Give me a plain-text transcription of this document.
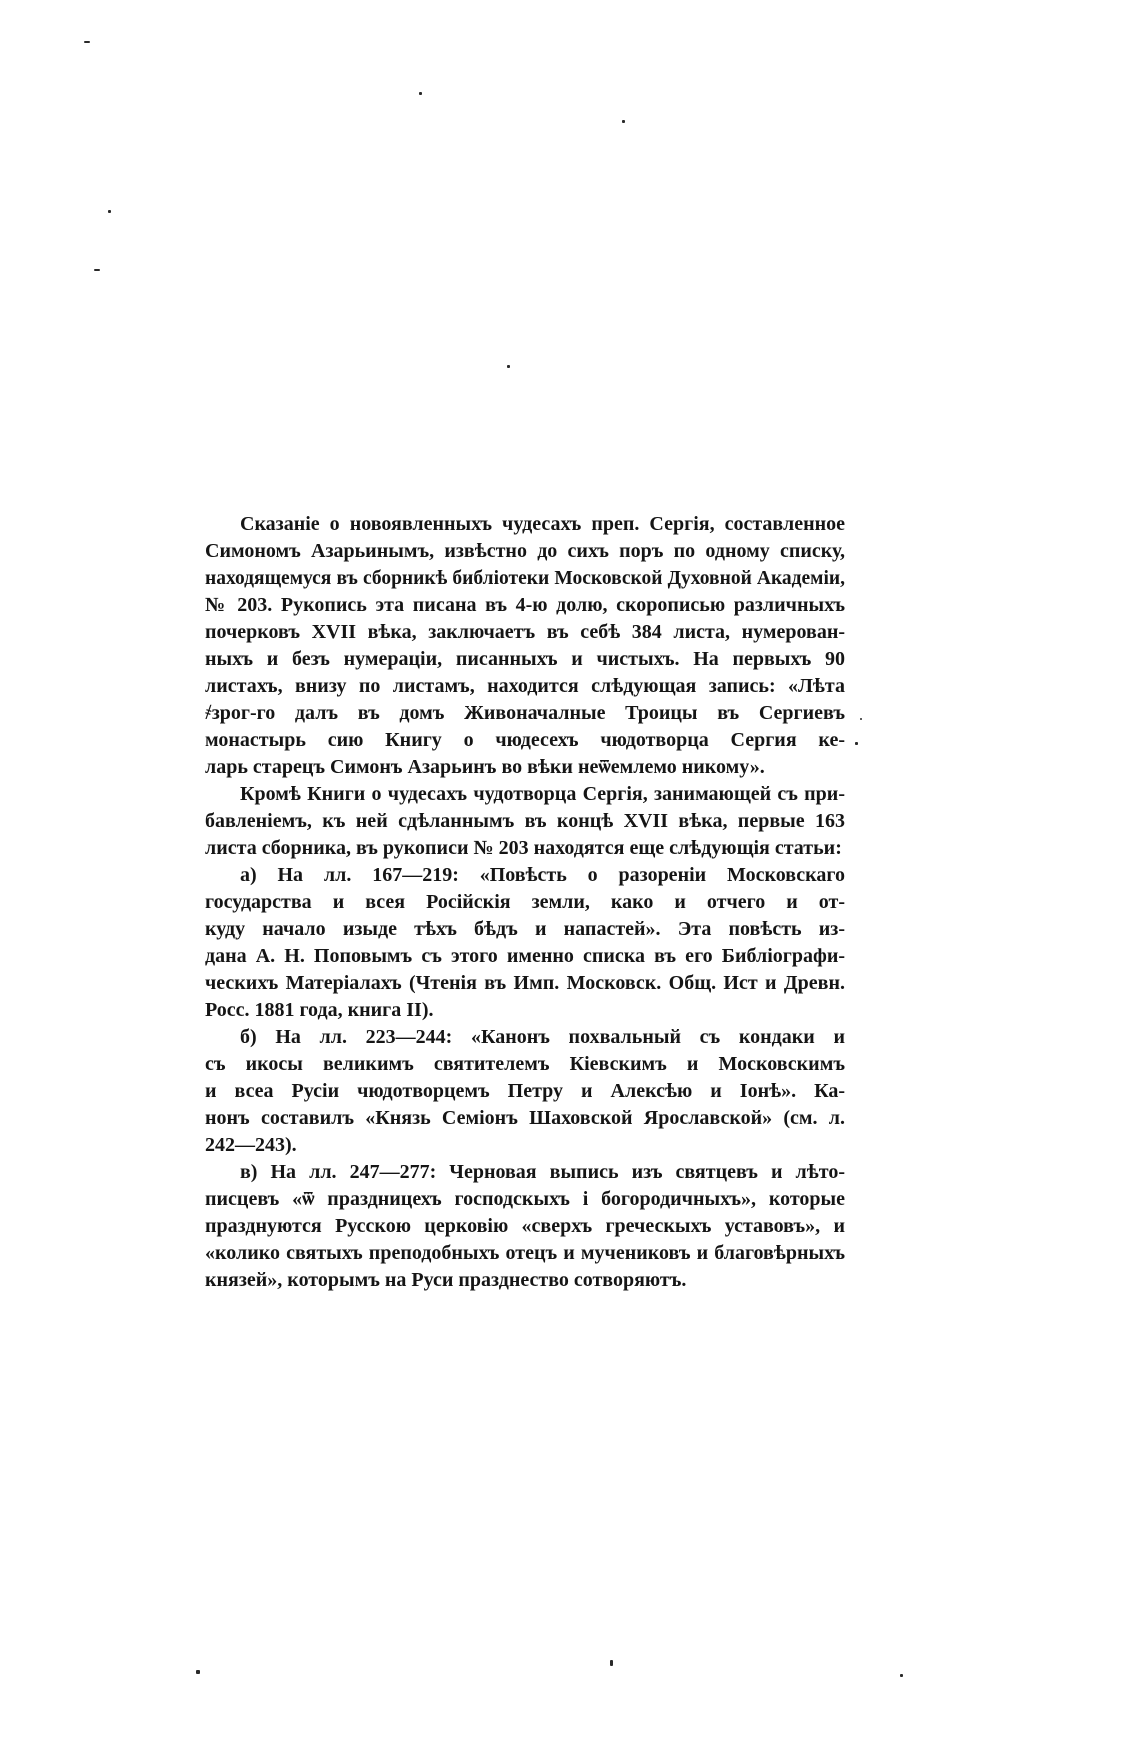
Сказаніе о новоявленныхъ чудесахъ преп. Сергія, составленное
Симономъ Азарьинымъ, извѣстно до сихъ поръ по одному списку,
находящемуся въ сборникѣ библіотеки Московской Духовной Академіи,
№ 203. Рукопись эта писана въ 4-ю долю, скорописью различныхъ
почерковъ XVII вѣка, заключаетъ въ себѣ 384 листа, нумерован-
ныхъ и безъ нумераціи, писанныхъ и чистыхъ. На первыхъ 90
листахъ, внизу по листамъ, находится слѣдующая запись: «Лѣта
҂зрог-го далъ въ домъ Живоначалные Троицы въ Сергиевъ
монастырь сию Книгу о чюдесехъ чюдотворца Сергия ке-
ларь старецъ Симонъ Азарьинъ во вѣки неѿемлемо никому».
Кромѣ Книги о чудесахъ чудотворца Сергія, занимающей съ при-
бавленіемъ, къ ней сдѣланнымъ въ концѣ XVII вѣка, первые 163
листа сборника, въ рукописи № 203 находятся еще слѣдующія статьи:
а) На лл. 167—219: «Повѣсть о разореніи Московскаго
государства и всея Російскія земли, како и отчего и от-
куду начало изыде тѣхъ бѣдъ и напастей». Эта повѣсть из-
дана А. Н. Поповымъ съ этого именно списка въ его Библіографи-
ческихъ Матеріалахъ (Чтенія въ Имп. Московск. Общ. Ист и Древн.
Росс. 1881 года, книга II).
б) На лл. 223—244: «Канонъ похвальный съ кондаки и
съ икосы великимъ святителемъ Кіевскимъ и Московскимъ
и всеа Русіи чюдотворцемъ Петру и Алексѣю и Іонѣ». Ка-
нонъ составилъ «Князь Семіонъ Шаховской Ярославской» (см. л.
242—243).
в) На лл. 247—277: Черновая выпись изъ святцевъ и лѣто-
писцевъ «ѿ праздницехъ господскыхъ і богородичныхъ», которые
празднуются Русскою церковію «сверхъ греческыхъ уставовъ», и
«колико святыхъ преподобныхъ отецъ и мучениковъ и благовѣрныхъ
князей», которымъ на Руси празднество сотворяютъ.
